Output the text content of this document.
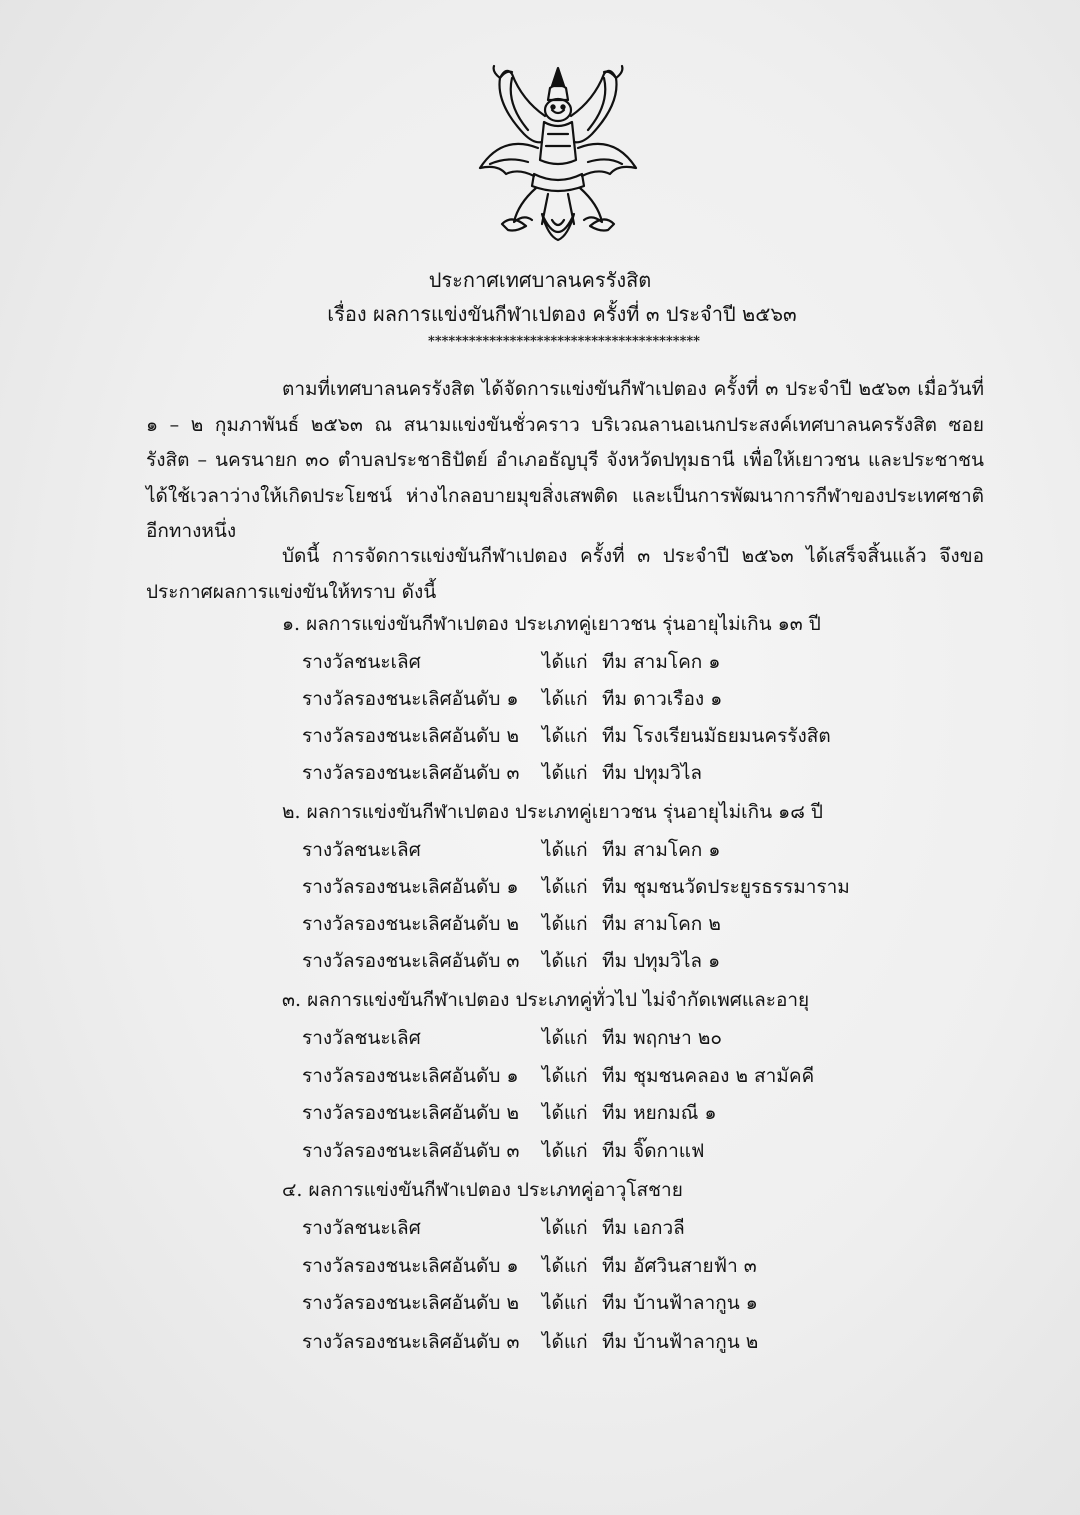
ประกาศเทศบาลนครรังสิต
เรื่อง ผลการแข่งขันกีฬาเปตอง ครั้งที่ ๓ ประจำปี ๒๕๖๓
****************************************
ตามที่เทศบาลนครรังสิต ได้จัดการแข่งขันกีฬาเปตอง ครั้งที่ ๓ ประจำปี ๒๕๖๓ เมื่อวันที่ ๑ – ๒ กุมภาพันธ์ ๒๕๖๓ ณ สนามแข่งขันชั่วคราว บริเวณลานอเนกประสงค์เทศบาลนครรังสิต ซอย รังสิต – นครนายก ๓๐ ตำบลประชาธิปัตย์ อำเภอธัญบุรี จังหวัดปทุมธานี เพื่อให้เยาวชน และประชาชน ได้ใช้เวลาว่างให้เกิดประโยชน์ ห่างไกลอบายมุขสิ่งเสพติด และเป็นการพัฒนาการกีฬาของประเทศชาติ อีกทางหนึ่ง
บัดนี้ การจัดการแข่งขันกีฬาเปตอง ครั้งที่ ๓ ประจำปี ๒๕๖๓ ได้เสร็จสิ้นแล้ว จึงขอประกาศผลการแข่งขันให้ทราบ ดังนี้
๑. ผลการแข่งขันกีฬาเปตอง ประเภทคู่เยาวชน รุ่นอายุไม่เกิน ๑๓ ปี
รางวัลชนะเลิศ	ได้แก่ ทีม สามโคก ๑
รางวัลรองชนะเลิศอันดับ ๑ ได้แก่ ทีม ดาวเรือง ๑
รางวัลรองชนะเลิศอันดับ ๒ ได้แก่ ทีม โรงเรียนมัธยมนครรังสิต
รางวัลรองชนะเลิศอันดับ ๓ ได้แก่ ทีม ปทุมวิไล
๒. ผลการแข่งขันกีฬาเปตอง ประเภทคู่เยาวชน รุ่นอายุไม่เกิน ๑๘ ปี
รางวัลชนะเลิศ	ได้แก่ ทีม สามโคก ๑
รางวัลรองชนะเลิศอันดับ ๑ ได้แก่ ทีม ชุมชนวัดประยูรธรรมาราม
รางวัลรองชนะเลิศอันดับ ๒ ได้แก่ ทีม สามโคก ๒
รางวัลรองชนะเลิศอันดับ ๓ ได้แก่ ทีม ปทุมวิไล ๑
๓. ผลการแข่งขันกีฬาเปตอง ประเภทคู่ทั่วไป ไม่จำกัดเพศและอายุ
รางวัลชนะเลิศ	ได้แก่ ทีม พฤกษา ๒๐
รางวัลรองชนะเลิศอันดับ ๑ ได้แก่ ทีม ชุมชนคลอง ๒ สามัคคี
รางวัลรองชนะเลิศอันดับ ๒ ได้แก่ ทีม หยกมณี ๑
รางวัลรองชนะเลิศอันดับ ๓ ได้แก่ ทีม จิ๊ดกาแฟ
๔. ผลการแข่งขันกีฬาเปตอง ประเภทคู่อาวุโสชาย
รางวัลชนะเลิศ	ได้แก่ ทีม เอกวลี
รางวัลรองชนะเลิศอันดับ ๑ ได้แก่ ทีม อัศวินสายฟ้า ๓
รางวัลรองชนะเลิศอันดับ ๒ ได้แก่ ทีม บ้านฟ้าลากูน ๑
รางวัลรองชนะเลิศอันดับ ๓ ได้แก่ ทีม บ้านฟ้าลากูน ๒
